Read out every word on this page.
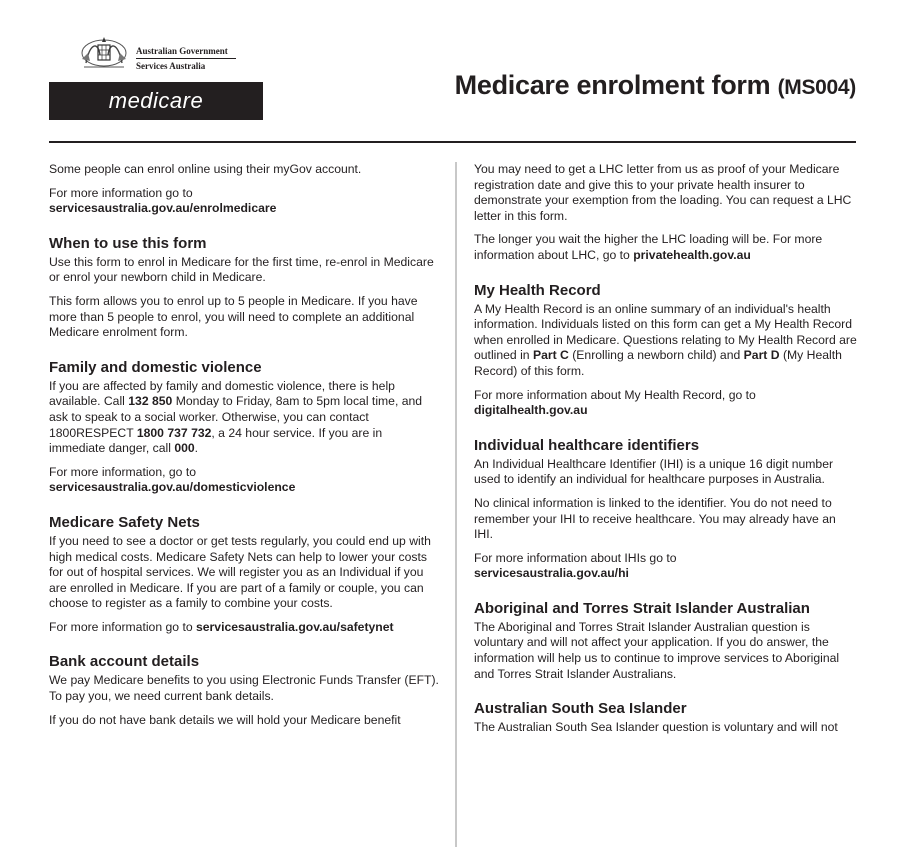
Australian Government
Services Australia
medicare
Medicare enrolment form (MS004)

Some people can enrol online using their myGov account.

For more information go to
servicesaustralia.gov.au/enrolmedicare

When to use this form

Use this form to enrol in Medicare for the first time, re-enrol in Medicare or enrol your newborn child in Medicare.

This form allows you to enrol up to 5 people in Medicare. If you have more than 5 people to enrol, you will need to complete an additional Medicare enrolment form.

Family and domestic violence

If you are affected by family and domestic violence, there is help available. Call 132 850 Monday to Friday, 8am to 5pm local time, and ask to speak to a social worker. Otherwise, you can contact 1800RESPECT 1800 737 732, a 24 hour service. If you are in immediate danger, call 000.

For more information, go to
servicesaustralia.gov.au/domesticviolence

Medicare Safety Nets

If you need to see a doctor or get tests regularly, you could end up with high medical costs. Medicare Safety Nets can help to lower your costs for out of hospital services. We will register you as an Individual if you are enrolled in Medicare. If you are part of a family or couple, you can choose to register as a family to combine your costs.

For more information go to servicesaustralia.gov.au/safetynet

Bank account details

We pay Medicare benefits to you using Electronic Funds Transfer (EFT). To pay you, we need current bank details.

If you do not have bank details we will hold your Medicare benefit

You may need to get a LHC letter from us as proof of your Medicare registration date and give this to your private health insurer to demonstrate your exemption from the loading. You can request a LHC letter in this form.

The longer you wait the higher the LHC loading will be. For more information about LHC, go to privatehealth.gov.au

My Health Record

A My Health Record is an online summary of an individual's health information. Individuals listed on this form can get a My Health Record when enrolled in Medicare. Questions relating to My Health Record are outlined in Part C (Enrolling a newborn child) and Part D (My Health Record) of this form.

For more information about My Health Record, go to
digitalhealth.gov.au

Individual healthcare identifiers

An Individual Healthcare Identifier (IHI) is a unique 16 digit number used to identify an individual for healthcare purposes in Australia.

No clinical information is linked to the identifier. You do not need to remember your IHI to receive healthcare. You may already have an IHI.

For more information about IHIs go to
servicesaustralia.gov.au/hi

Aboriginal and Torres Strait Islander Australian

The Aboriginal and Torres Strait Islander Australian question is voluntary and will not affect your application. If you do answer, the information will help us to continue to improve services to Aboriginal and Torres Strait Islander Australians.

Australian South Sea Islander

The Australian South Sea Islander question is voluntary and will not
